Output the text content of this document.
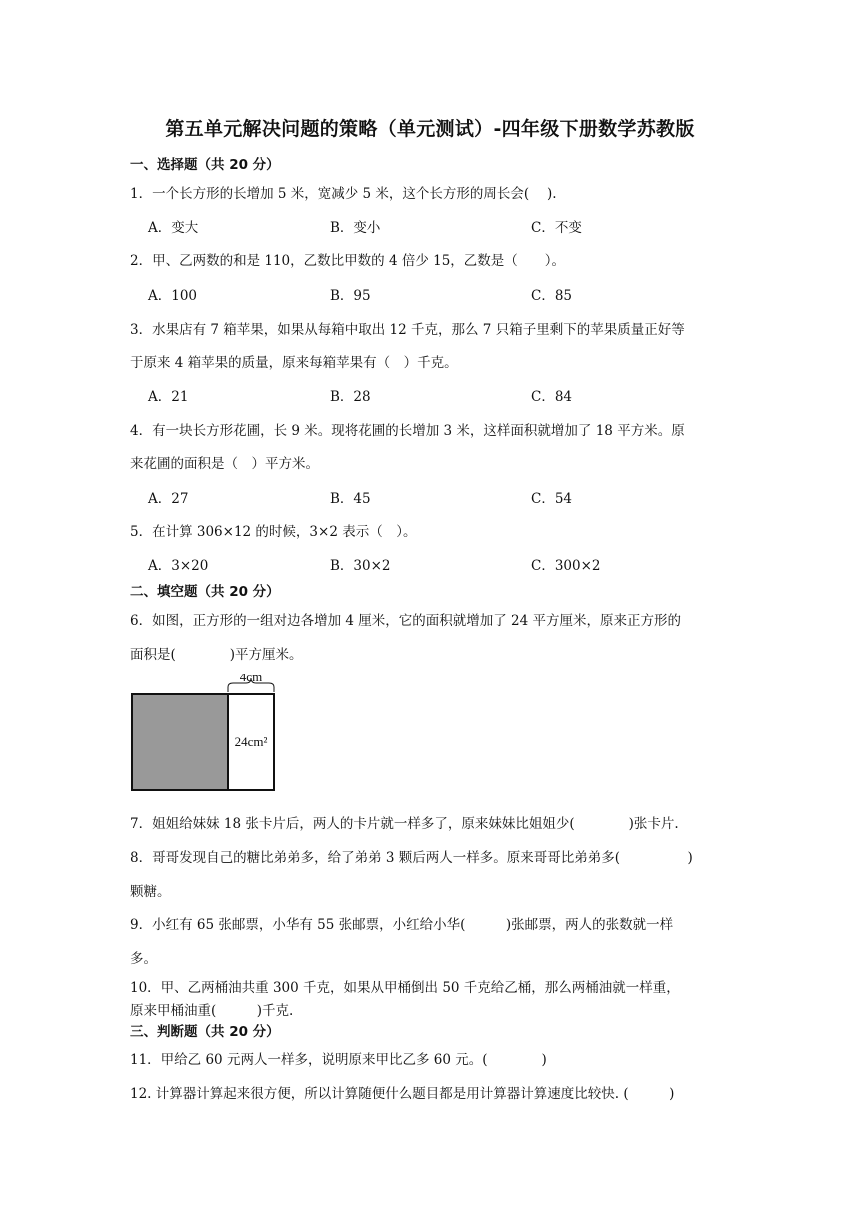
第五单元解决问题的策略（单元测试）-四年级下册数学苏教版
一、选择题（共 20 分）
1．一个长方形的长增加 5 米，宽减少 5 米，这个长方形的周长会(　 ).
A．变大	B．变小	C．不变
2．甲、乙两数的和是 110，乙数比甲数的 4 倍少 15，乙数是（　　）。
A．100	B．95	C．85
3．水果店有 7 箱苹果，如果从每箱中取出 12 千克，那么 7 只箱子里剩下的苹果质量正好等
于原来 4 箱苹果的质量，原来每箱苹果有（　）千克。
A．21	B．28	C．84
4．有一块长方形花圃，长 9 米。现将花圃的长增加 3 米，这样面积就增加了 18 平方米。原
来花圃的面积是（　）平方米。
A．27	B．45	C．54
5．在计算 306×12 的时候，3×2 表示（　）。
A．3×20	B．30×2	C．300×2
二、填空题（共 20 分）
6．如图，正方形的一组对边各增加 4 厘米，它的面积就增加了 24 平方厘米，原来正方形的
面积是(　　　　)平方厘米。
4cm
24cm²
7．姐姐给妹妹 18 张卡片后，两人的卡片就一样多了，原来妹妹比姐姐少(　　　　)张卡片.
8．哥哥发现自己的糖比弟弟多，给了弟弟 3 颗后两人一样多。原来哥哥比弟弟多(　　　　　)
颗糖。
9．小红有 65 张邮票，小华有 55 张邮票，小红给小华(　　　)张邮票，两人的张数就一样
多。
10．甲、乙两桶油共重 300 千克，如果从甲桶倒出 50 千克给乙桶，那么两桶油就一样重，
原来甲桶油重(　　　)千克.
三、判断题（共 20 分）
11．甲给乙 60 元两人一样多，说明原来甲比乙多 60 元。(　　　　)
12. 计算器计算起来很方便，所以计算随便什么题目都是用计算器计算速度比较快. (　　　)
